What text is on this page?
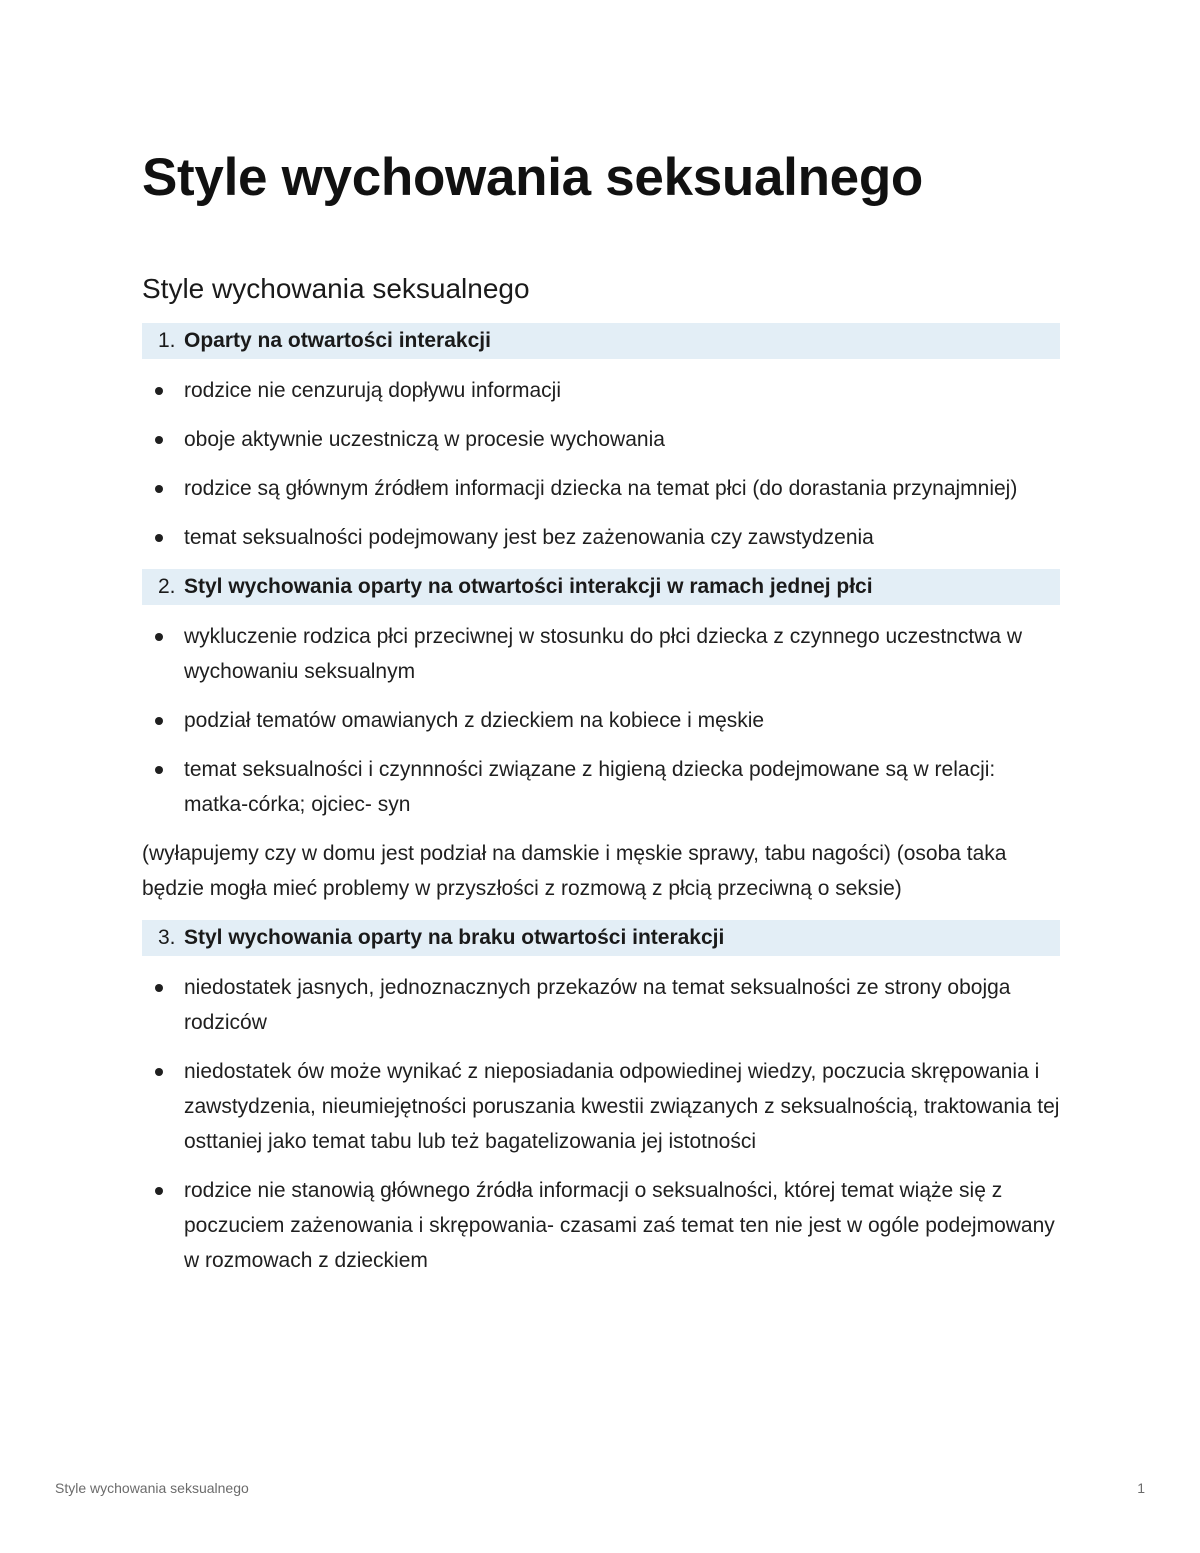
Style wychowania seksualnego
Style wychowania seksualnego
1. Oparty na otwartości interakcji
rodzice nie cenzurują dopływu informacji
oboje aktywnie uczestniczą w procesie wychowania
rodzice są głównym źródłem informacji dziecka na temat płci (do dorastania przynajmniej)
temat seksualności podejmowany jest bez zażenowania czy zawstydzenia
2. Styl wychowania oparty na otwartości interakcji w ramach jednej płci
wykluczenie rodzica płci przeciwnej w stosunku do płci dziecka z czynnego uczestnctwa w wychowaniu seksualnym
podział tematów omawianych z dzieckiem na kobiece i męskie
temat seksualności i czynnności związane z higieną dziecka podejmowane są w relacji: matka-córka; ojciec- syn

(wyłapujemy czy w domu jest podział na damskie i męskie sprawy, tabu nagości) (osoba taka będzie mogła mieć problemy w przyszłości z rozmową z płcią przeciwną o seksie)

3. Styl wychowania oparty na braku otwartości interakcji
niedostatek jasnych, jednoznacznych przekazów na temat seksualności ze strony obojga rodziców
niedostatek ów może wynikać z nieposiadania odpowiedinej wiedzy, poczucia skrępowania i zawstydzenia, nieumiejętności poruszania kwestii związanych z seksualnością, traktowania tej osttaniej jako temat tabu lub też bagatelizowania jej istotności
rodzice nie stanowią głównego źródła informacji o seksualności, której temat wiąże się z poczuciem zażenowania i skrępowania- czasami zaś temat ten nie jest w ogóle podejmowany w rozmowach z dzieckiem
Style wychowania seksualnego	1
